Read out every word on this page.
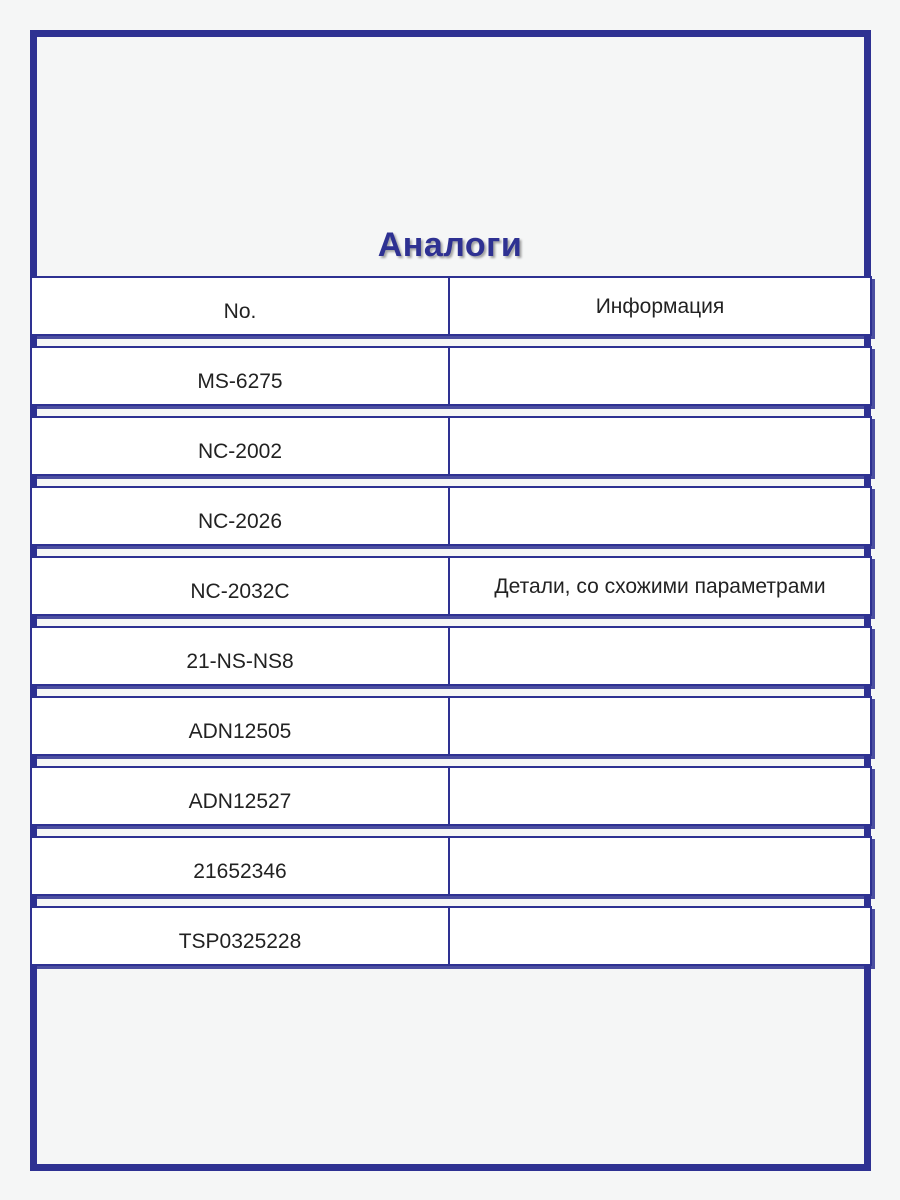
Аналоги
No.	Информация
MS-6275
NC-2002
NC-2026
NC-2032C	Детали, со схожими параметрами
21-NS-NS8
ADN12505
ADN12527
21652346
TSP0325228
